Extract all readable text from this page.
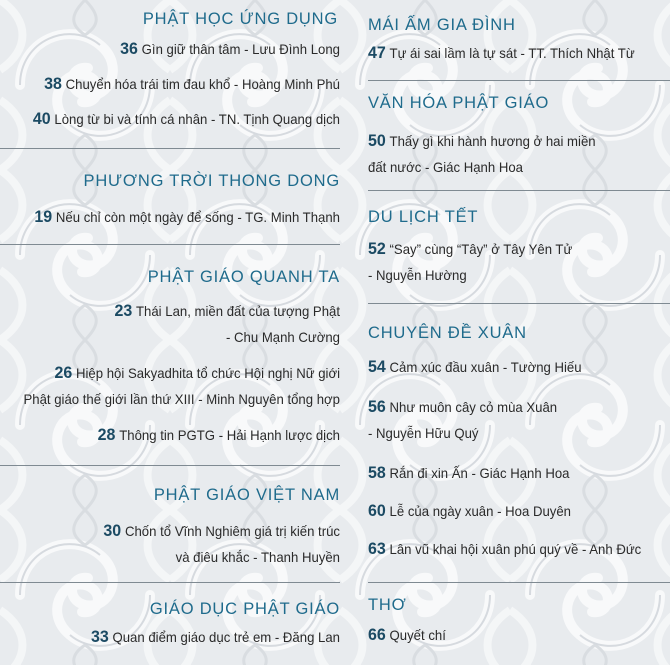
PHẬT HỌC ỨNG DỤNG
36 Gìn giữ thân tâm - Lưu Đình Long
38 Chuyển hóa trái tim đau khổ - Hoàng Minh Phú
40 Lòng từ bi và tính cá nhân - TN. Tịnh Quang dịch
PHƯƠNG TRỜI THONG DONG
19 Nếu chỉ còn một ngày để sống - TG. Minh Thạnh
PHẬT GIÁO QUANH TA
23 Thái Lan, miền đất của tượng Phật
- Chu Mạnh Cường
26 Hiệp hội Sakyadhita tổ chức Hội nghị Nữ giới
Phật giáo thế giới lần thứ XIII - Minh Nguyên tổng hợp
28 Thông tin PGTG - Hải Hạnh lược dịch
PHẬT GIÁO VIỆT NAM
30 Chốn tổ Vĩnh Nghiêm giá trị kiến trúc
và điêu khắc - Thanh Huyền
GIÁO DỤC PHẬT GIÁO
33 Quan điểm giáo dục trẻ em - Đăng Lan
MÁI ẤM GIA ĐÌNH
47 Tự ái sai lầm là tự sát - TT. Thích Nhật Từ
VĂN HÓA PHẬT GIÁO
50 Thấy gì khi hành hương ở hai miền
đất nước - Giác Hạnh Hoa
DU LỊCH TẾT
52 “Say” cùng “Tây” ở Tây Yên Tử
- Nguyễn Hường
CHUYÊN ĐỀ XUÂN
54 Cảm xúc đầu xuân - Tường Hiếu
56 Như muôn cây cỏ mùa Xuân
- Nguyễn Hữu Quý
58 Rắn đi xin Ấn - Giác Hạnh Hoa
60 Lễ của ngày xuân - Hoa Duyên
63 Lân vũ khai hội xuân phú quý về - Anh Đức
THƠ
66 Quyết chí
